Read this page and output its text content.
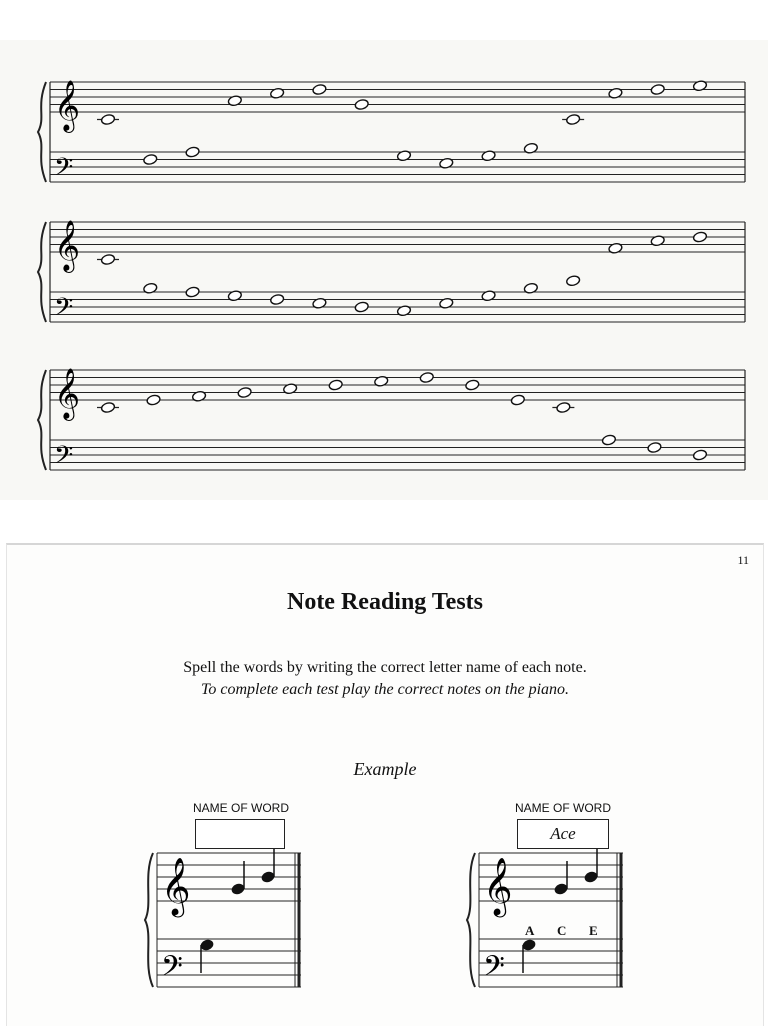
𝄞
𝄢
𝄞
𝄢
𝄞
𝄢
11
Note Reading Tests
Spell the words by writing the correct letter name of each note.
To complete each test play the correct notes on the piano.
Example
NAME OF WORD	NAME OF WORD
Ace
𝄞
𝄢
𝄞
𝄢
A C E
